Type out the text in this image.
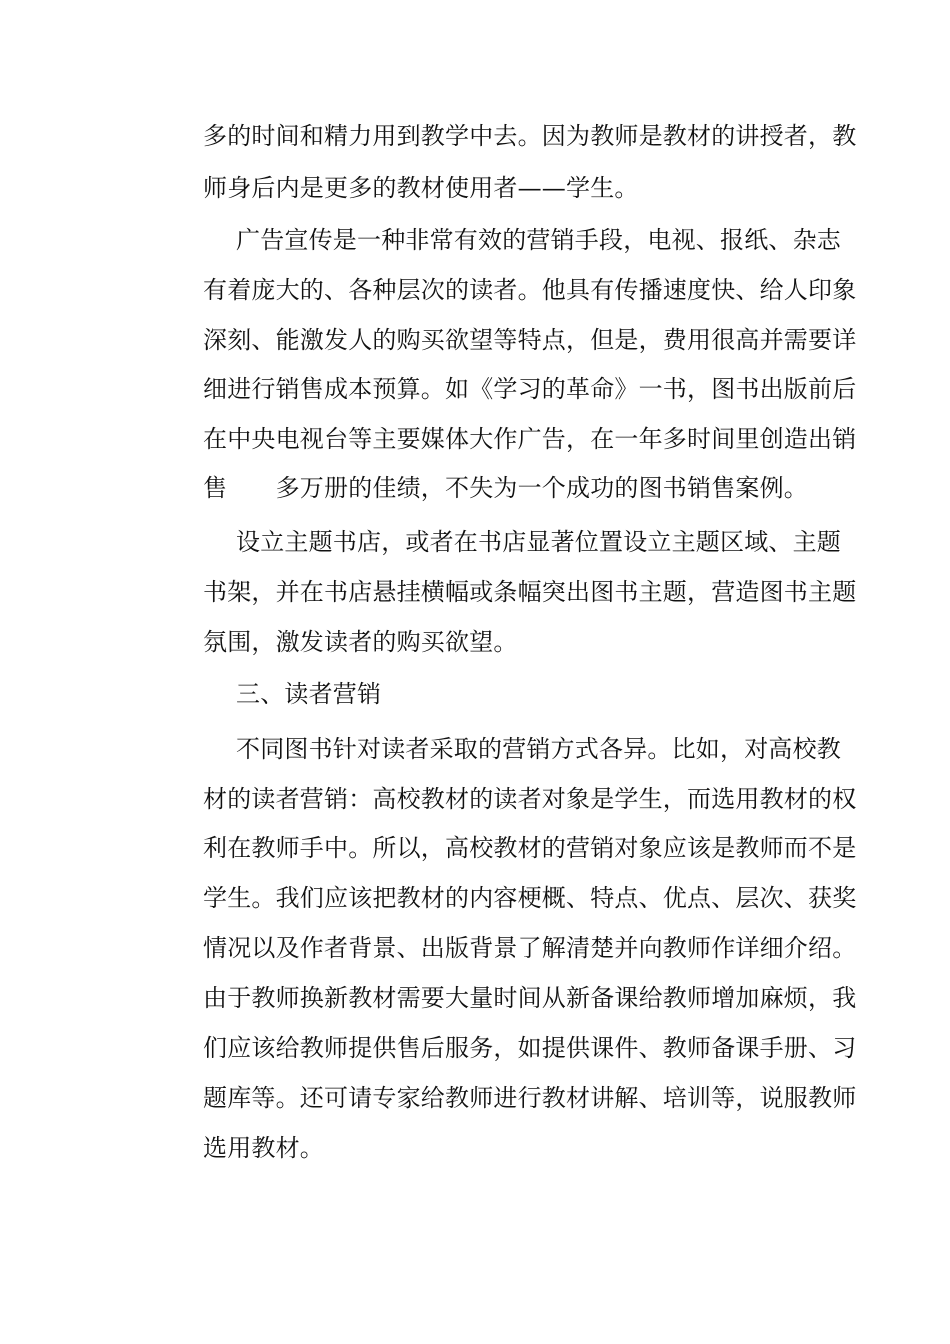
多的时间和精力用到教学中去。因为教师是教材的讲授者，教
师身后内是更多的教材使用者——学生。
广告宣传是一种非常有效的营销手段，电视、报纸、杂志
有着庞大的、各种层次的读者。他具有传播速度快、给人印象
深刻、能激发人的购买欲望等特点，但是，费用很高并需要详
细进行销售成本预算。如《学习的革命》一书，图书出版前后
在中央电视台等主要媒体大作广告，在一年多时间里创造出销
售　　多万册的佳绩，不失为一个成功的图书销售案例。
设立主题书店，或者在书店显著位置设立主题区域、主题
书架，并在书店悬挂横幅或条幅突出图书主题，营造图书主题
氛围，激发读者的购买欲望。
三、读者营销
不同图书针对读者采取的营销方式各异。比如，对高校教
材的读者营销：高校教材的读者对象是学生，而选用教材的权
利在教师手中。所以，高校教材的营销对象应该是教师而不是
学生。我们应该把教材的内容梗概、特点、优点、层次、获奖
情况以及作者背景、出版背景了解清楚并向教师作详细介绍。
由于教师换新教材需要大量时间从新备课给教师增加麻烦，我
们应该给教师提供售后服务，如提供课件、教师备课手册、习
题库等。还可请专家给教师进行教材讲解、培训等，说服教师
选用教材。
